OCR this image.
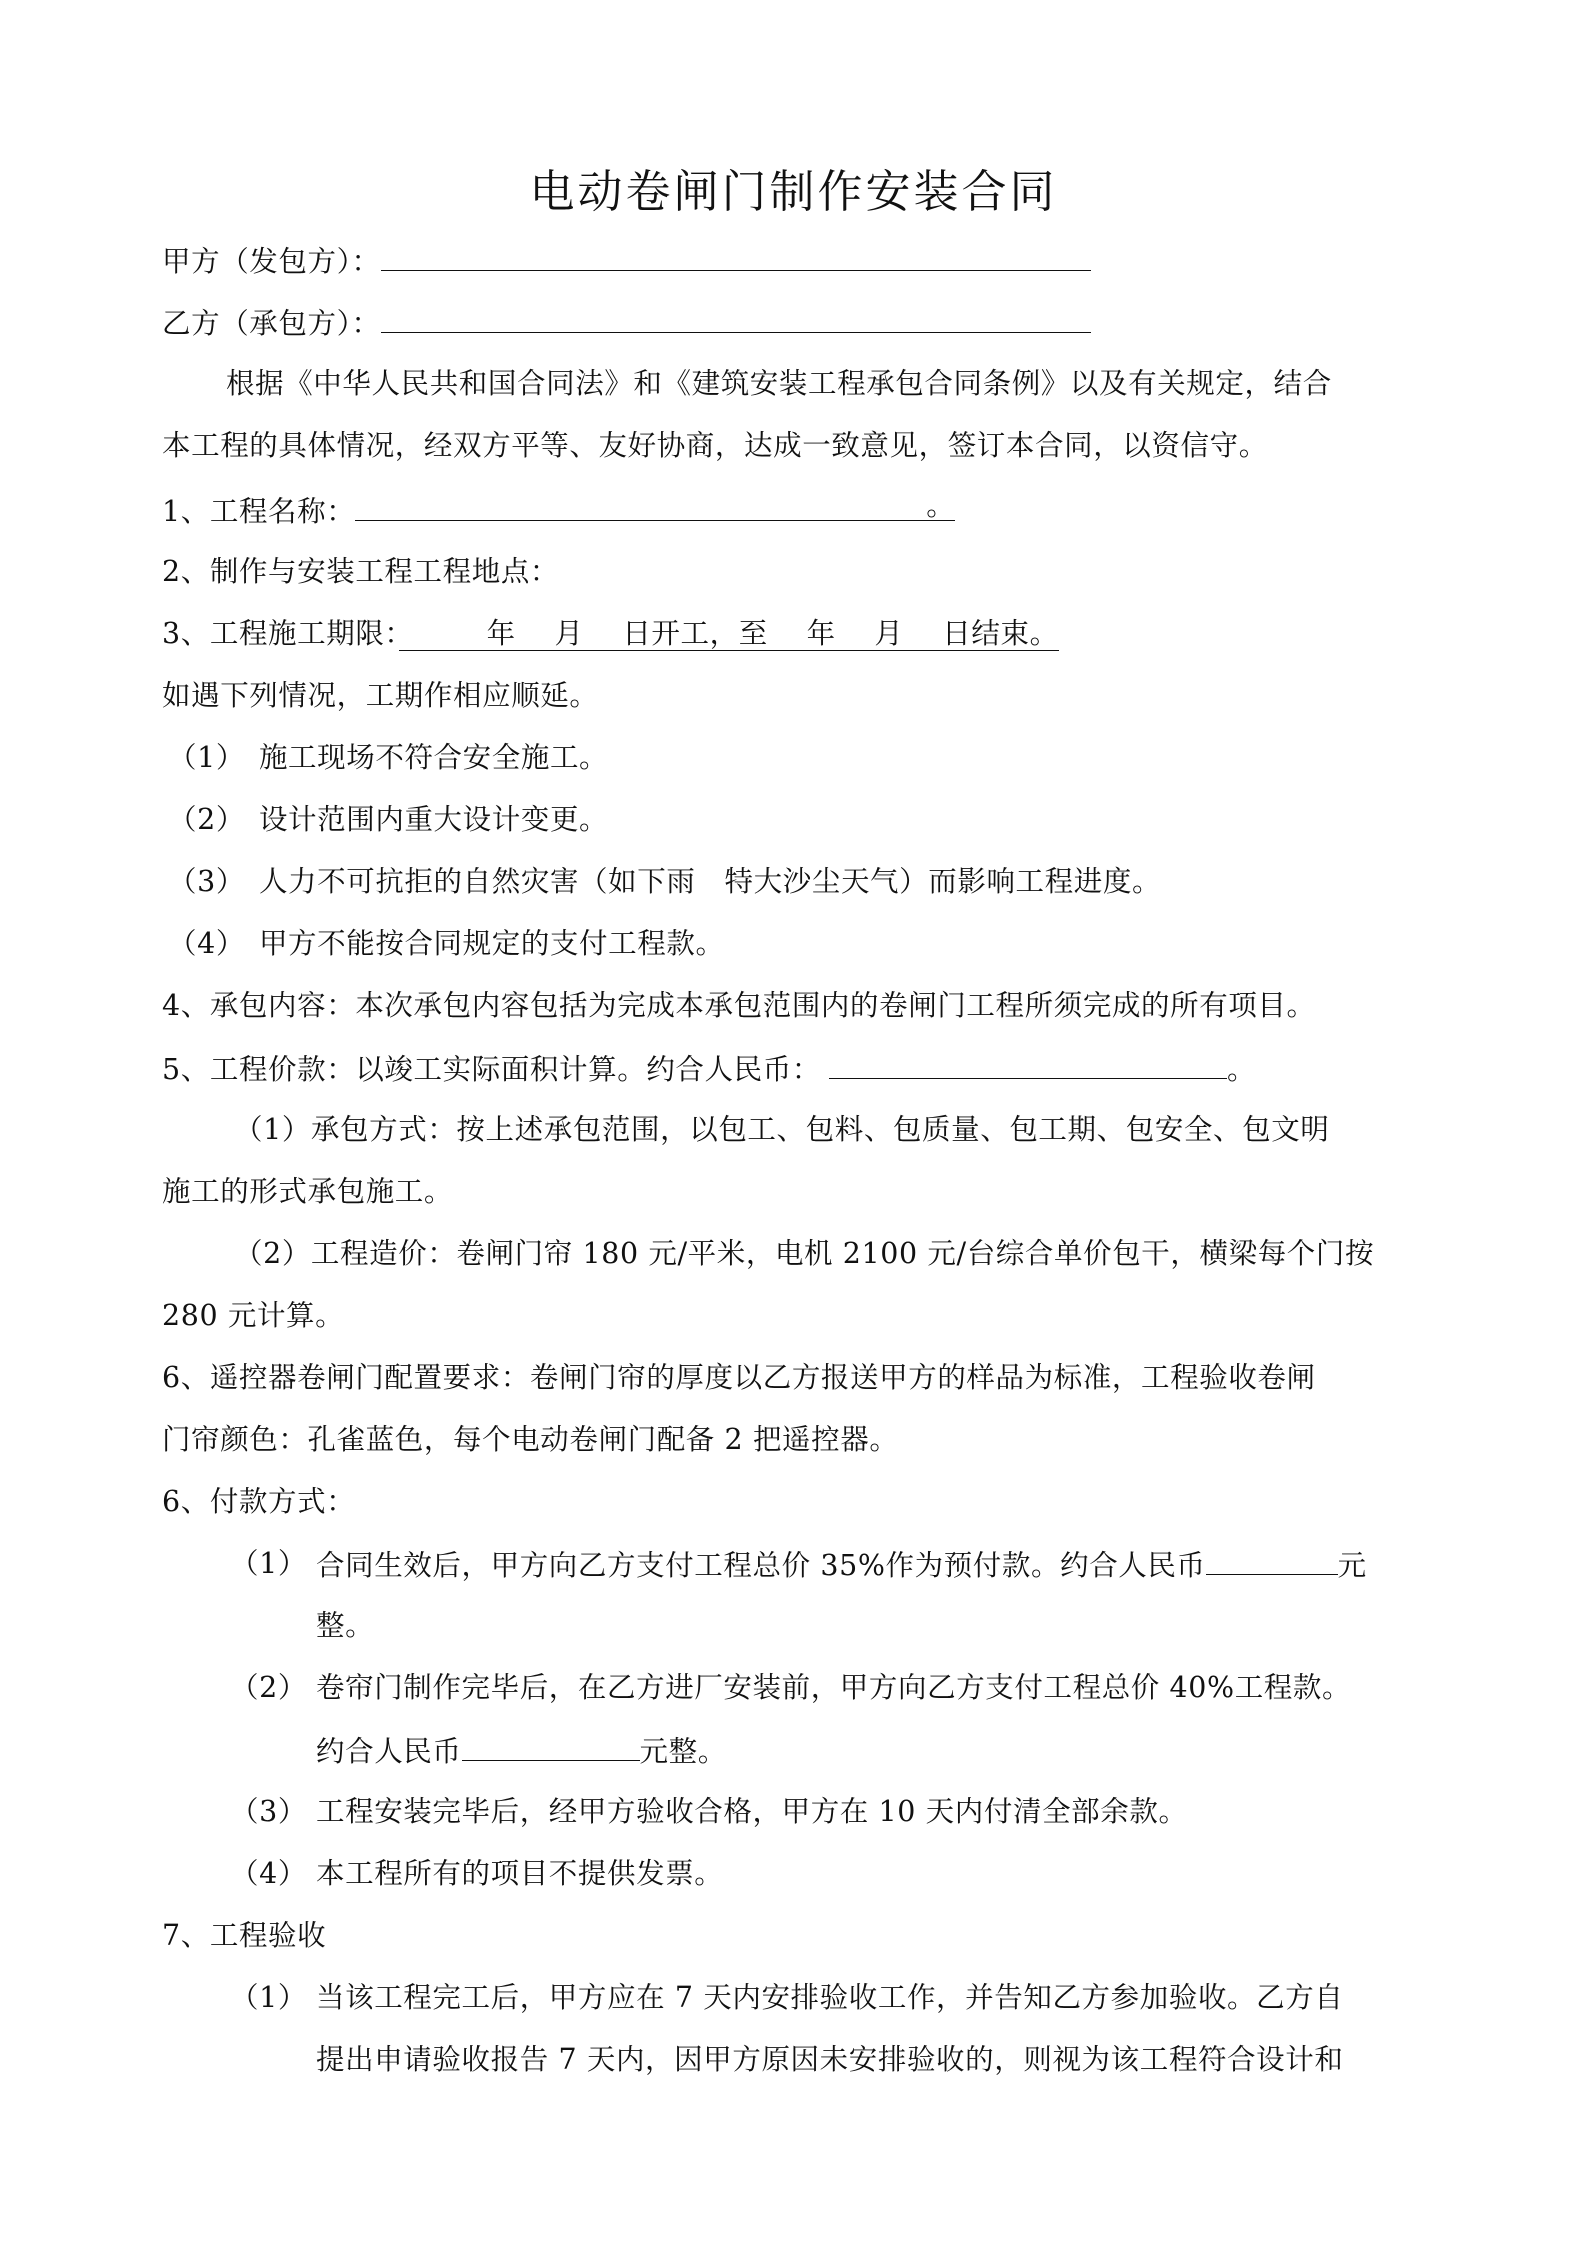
电动卷闸门制作安装合同
甲方（发包方）：
乙方（承包方）：
根据《中华人民共和国合同法》和《建筑安装工程承包合同条例》以及有关规定，结合
本工程的具体情况，经双方平等、友好协商，达成一致意见，签订本合同，以资信守。
1、工程名称：	。
2、制作与安装工程工程地点：
3、工程施工期限：　　　年　 月　 日开工，至　 年　 月　 日结束。
如遇下列情况，工期作相应顺延。
（1） 施工现场不符合安全施工。
（2） 设计范围内重大设计变更。
（3） 人力不可抗拒的自然灾害（如下雨　特大沙尘天气）而影响工程进度。
（4） 甲方不能按合同规定的支付工程款。
4、承包内容：本次承包内容包括为完成本承包范围内的卷闸门工程所须完成的所有项目。
5、工程价款：以竣工实际面积计算。约合人民币：	。
（1）承包方式：按上述承包范围，以包工、包料、包质量、包工期、包安全、包文明
施工的形式承包施工。
（2）工程造价：卷闸门帘 180 元/平米，电机 2100 元/台综合单价包干，横梁每个门按
280 元计算。
6、遥控器卷闸门配置要求：卷闸门帘的厚度以乙方报送甲方的样品为标准，工程验收卷闸
门帘颜色：孔雀蓝色，每个电动卷闸门配备 2 把遥控器。
6、付款方式：
（1） 合同生效后，甲方向乙方支付工程总价 35%作为预付款。约合人民币	元
整。
（2） 卷帘门制作完毕后，在乙方进厂安装前，甲方向乙方支付工程总价 40%工程款。
约合人民币	元整。
（3） 工程安装完毕后，经甲方验收合格，甲方在 10 天内付清全部余款。
（4） 本工程所有的项目不提供发票。
7、工程验收
（1） 当该工程完工后，甲方应在 7 天内安排验收工作，并告知乙方参加验收。乙方自
提出申请验收报告 7 天内，因甲方原因未安排验收的，则视为该工程符合设计和
